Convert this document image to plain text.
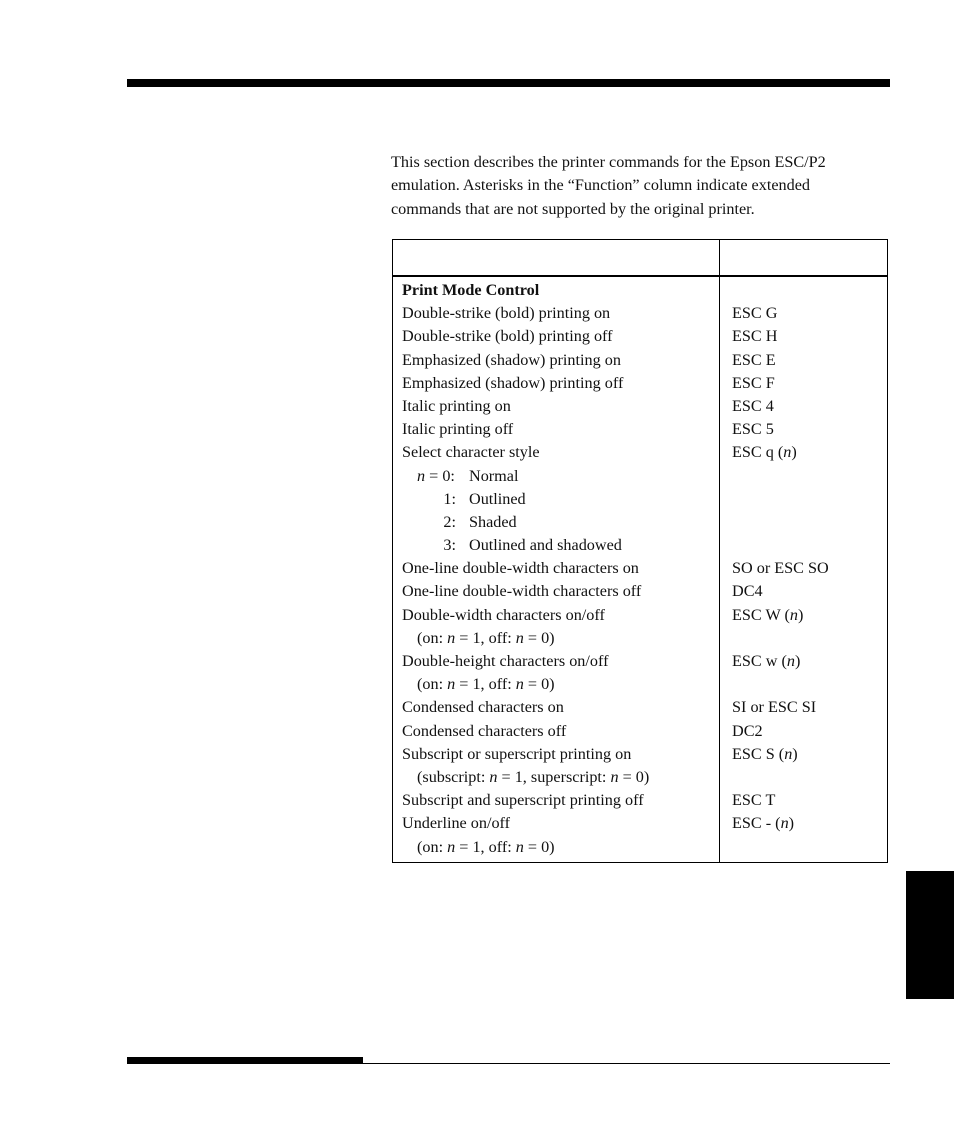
This section describes the printer commands for the Epson ESC/P2
emulation. Asterisks in the “Function” column indicate extended
commands that are not supported by the original printer.
Print Mode Control
Double-strike (bold) printing on	ESC G
Double-strike (bold) printing off	ESC H
Emphasized (shadow) printing on	ESC E
Emphasized (shadow) printing off	ESC F
Italic printing on	ESC 4
Italic printing off	ESC 5
Select character style	ESC q (n)
n = 0: Normal
1: Outlined
2: Shaded
3: Outlined and shadowed
One-line double-width characters on	SO or ESC SO
One-line double-width characters off	DC4
Double-width characters on/off	ESC W (n)
(on: n = 1, off: n = 0)
Double-height characters on/off	ESC w (n)
(on: n = 1, off: n = 0)
Condensed characters on	SI or ESC SI
Condensed characters off	DC2
Subscript or superscript printing on	ESC S (n)
(subscript: n = 1, superscript: n = 0)
Subscript and superscript printing off	ESC T
Underline on/off	ESC - (n)
(on: n = 1, off: n = 0)
